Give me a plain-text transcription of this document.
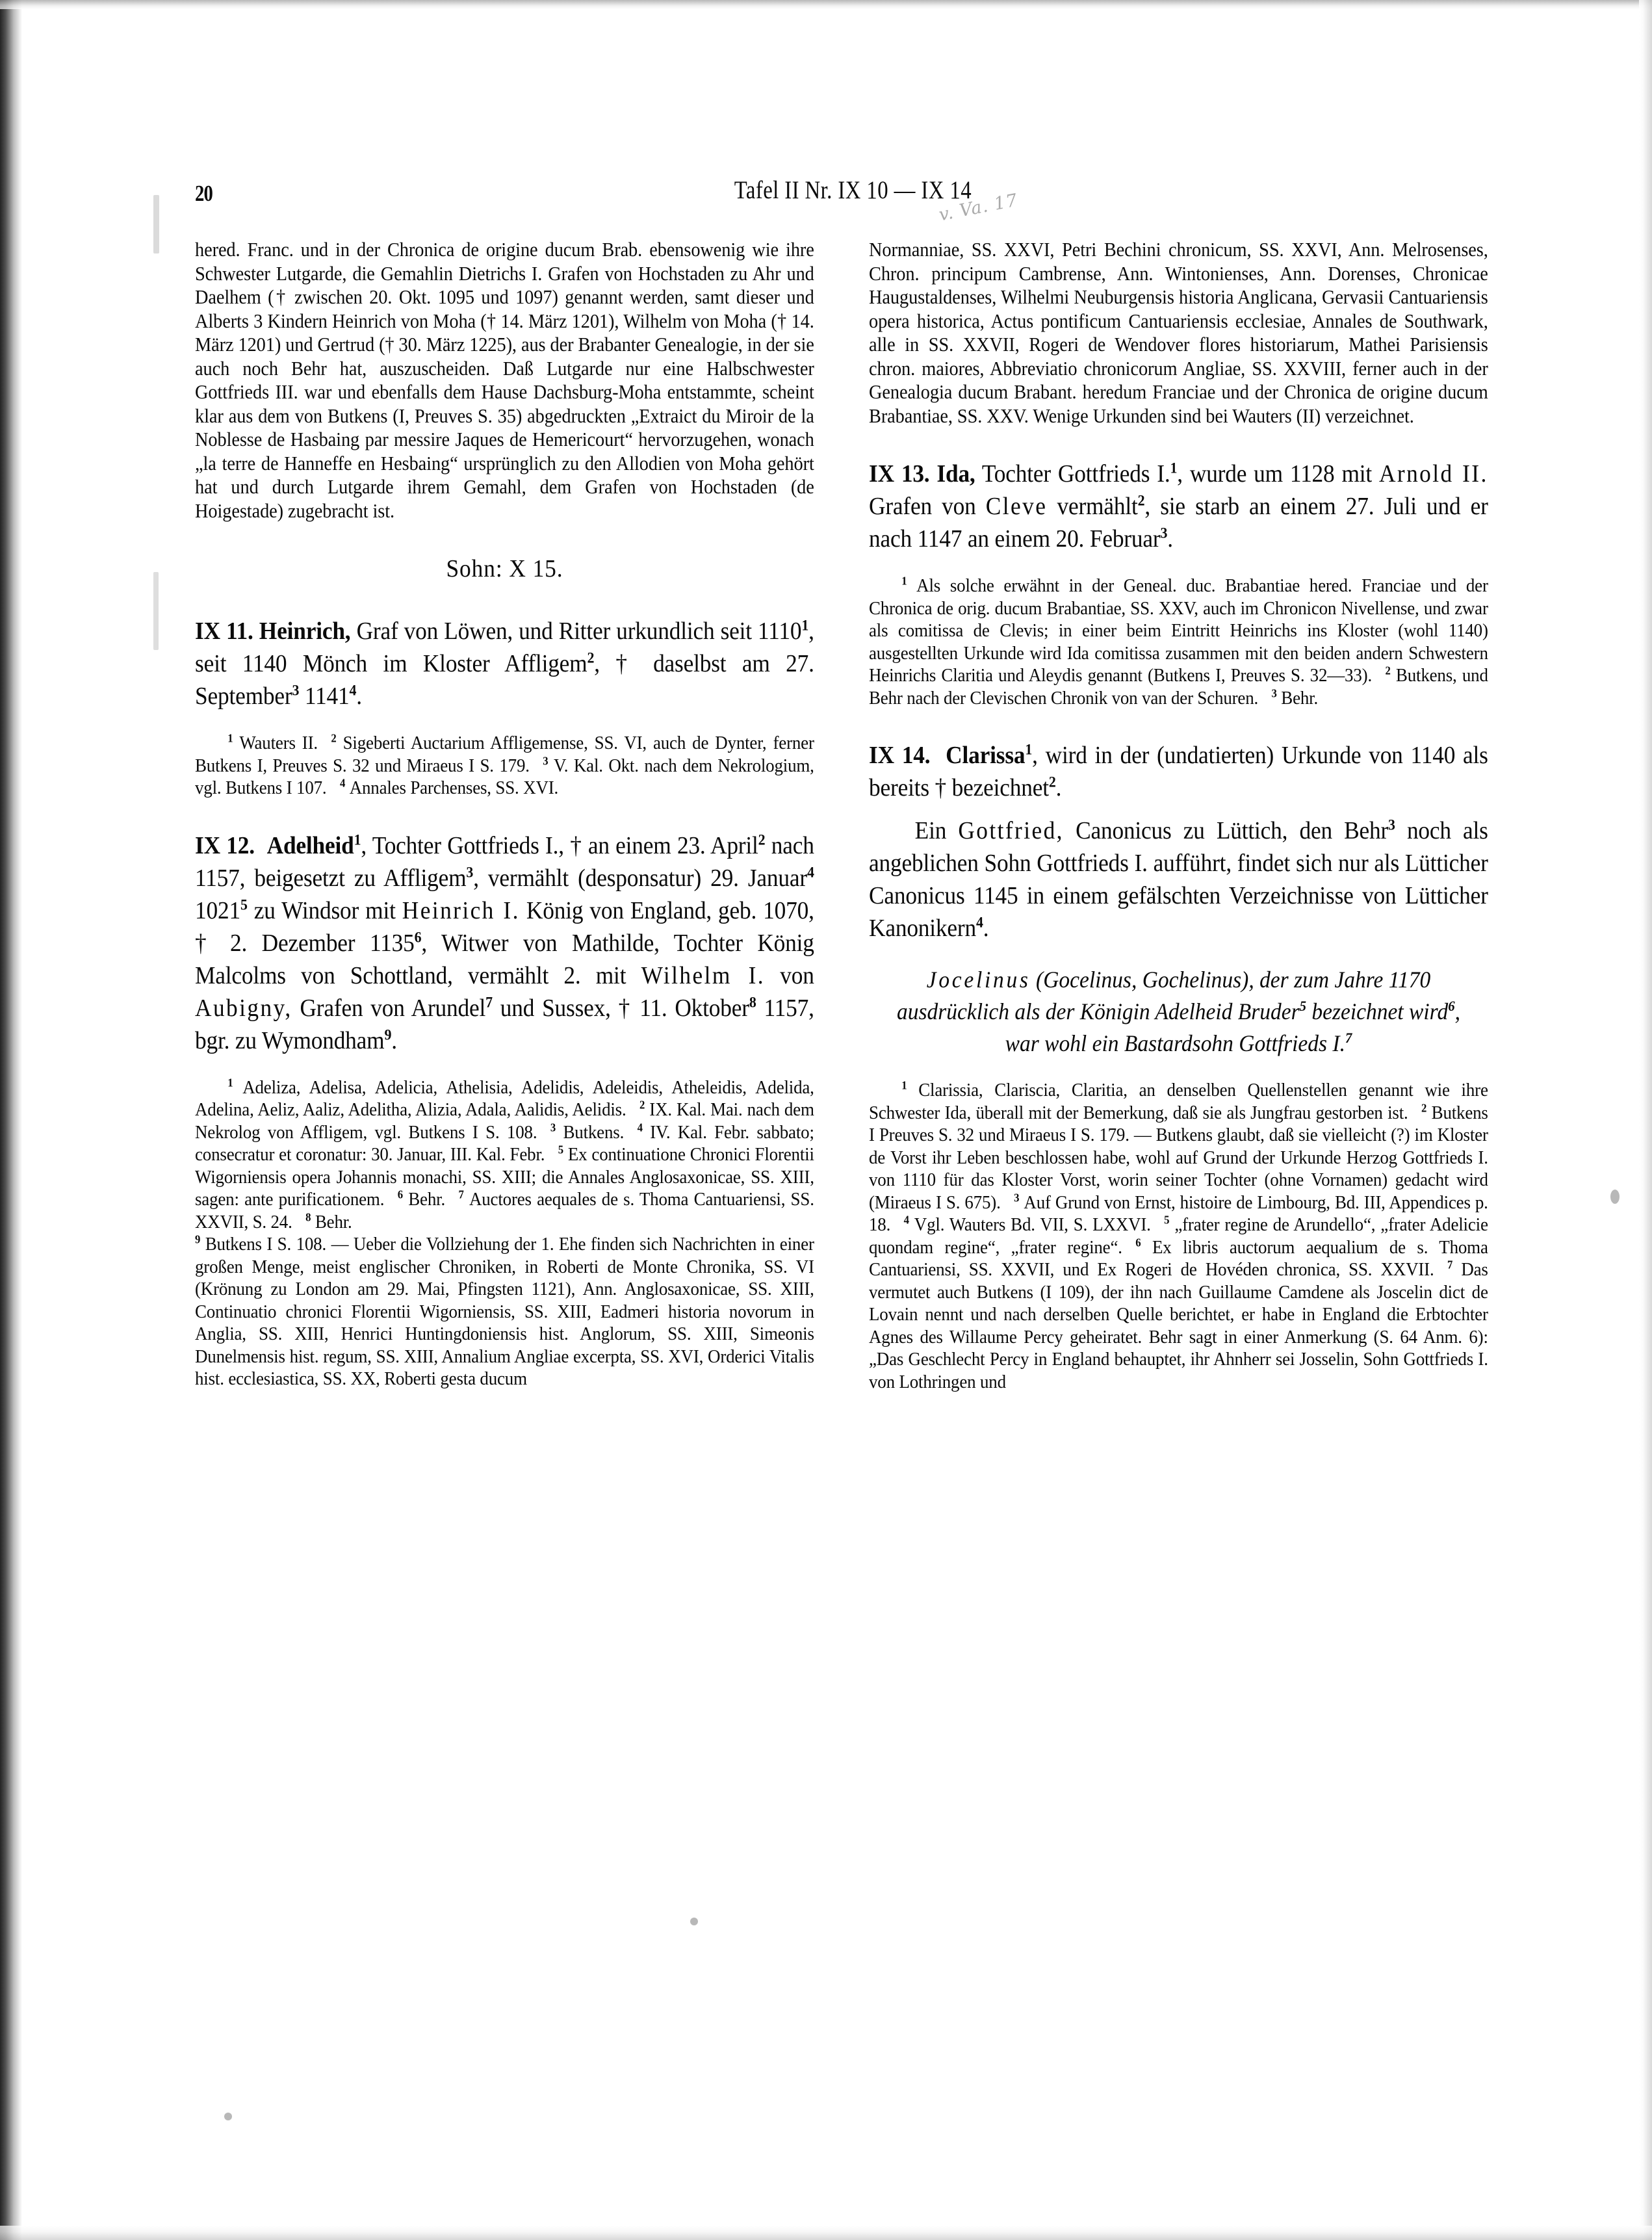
20	Tafel II Nr. IX 10 — IX 14
v. Va. 17

hered. Franc. und in der Chronica de origine ducum Brab. ebensowenig wie ihre Schwester Lutgarde, die Gemahlin Dietrichs I. Grafen von Hochstaden zu Ahr und Daelhem († zwischen 20. Okt. 1095 und 1097) genannt werden, samt dieser und Alberts 3 Kindern Heinrich von Moha († 14. März 1201), Wilhelm von Moha († 14. März 1201) und Gertrud († 30. März 1225), aus der Brabanter Genealogie, in der sie auch noch Behr hat, auszuscheiden. Daß Lutgarde nur eine Halbschwester Gottfrieds III. war und ebenfalls dem Hause Dachsburg-Moha entstammte, scheint klar aus dem von Butkens (I, Preuves S. 35) abgedruckten „Extraict du Miroir de la Noblesse de Hasbaing par messire Jaques de Hemericourt“ hervorzugehen, wonach „la terre de Hanneffe en Hesbaing“ ursprünglich zu den Allodien von Moha gehört hat und durch Lutgarde ihrem Gemahl, dem Grafen von Hochstaden (de Hoigestade) zugebracht ist.

Sohn: X 15.

IX 11. Heinrich, Graf von Löwen, und Ritter urkundlich seit 1110$^1$, seit 1140 Mönch im Kloster Affligem$^2$, † daselbst am 27. September$^3$ 1141$^4$.

$^1$ Wauters II. $^2$ Sigeberti Auctarium Affligemense, SS. VI, auch de Dynter, ferner Butkens I, Preuves S. 32 und Miraeus I S. 179. $^3$ V. Kal. Okt. nach dem Nekrologium, vgl. Butkens I 107. $^4$ Annales Parchenses, SS. XVI.

IX 12. Adelheid$^1$, Tochter Gottfrieds I., † an einem 23. April$^2$ nach 1157, beigesetzt zu Affligem$^3$, vermählt (desponsatur) 29. Januar$^4$ 1021$^5$ zu Windsor mit Heinrich I. König von England, geb. 1070, † 2. Dezember 1135$^6$, Witwer von Mathilde, Tochter König Malcolms von Schottland, vermählt 2. mit Wilhelm I. von Aubigny, Grafen von Arundel$^7$ und Sussex, † 11. Oktober$^8$ 1157, bgr. zu Wymondham$^9$.

$^1$ Adeliza, Adelisa, Adelicia, Athelisia, Adelidis, Adeleidis, Atheleidis, Adelida, Adelina, Aeliz, Aaliz, Adelitha, Alizia, Adala, Aalidis, Aelidis. $^2$ IX. Kal. Mai. nach dem Nekrolog von Affligem, vgl. Butkens I S. 108. $^3$ Butkens. $^4$ IV. Kal. Febr. sabbato; consecratur et coronatur: 30. Januar, III. Kal. Febr. $^5$ Ex continuatione Chronici Florentii Wigorniensis opera Johannis monachi, SS. XIII; die Annales Anglosaxonicae, SS. XIII, sagen: ante purificationem. $^6$ Behr. $^7$ Auctores aequales de s. Thoma Cantuariensi, SS. XXVII, S. 24. $^8$ Behr.
$^9$ Butkens I S. 108. — Ueber die Vollziehung der 1. Ehe finden sich Nachrichten in einer großen Menge, meist englischer Chroniken, in Roberti de Monte Chronika, SS. VI (Krönung zu London am 29. Mai, Pfingsten 1121), Ann. Anglosaxonicae, SS. XIII, Continuatio chronici Florentii Wigorniensis, SS. XIII, Eadmeri historia novorum in Anglia, SS. XIII, Henrici Huntingdoniensis hist. Anglorum, SS. XIII, Simeonis Dunelmensis hist. regum, SS. XIII, Annalium Angliae excerpta, SS. XVI, Orderici Vitalis hist. ecclesiastica, SS. XX, Roberti gesta ducum

Normanniae, SS. XXVI, Petri Bechini chronicum, SS. XXVI, Ann. Melrosenses, Chron. principum Cambrense, Ann. Wintonienses, Ann. Dorenses, Chronicae Haugustaldenses, Wilhelmi Neuburgensis historia Anglicana, Gervasii Cantuariensis opera historica, Actus pontificum Cantuariensis ecclesiae, Annales de Southwark, alle in SS. XXVII, Rogeri de Wendover flores historiarum, Mathei Parisiensis chron. maiores, Abbreviatio chronicorum Angliae, SS. XXVIII, ferner auch in der Genealogia ducum Brabant. heredum Franciae und der Chronica de origine ducum Brabantiae, SS. XXV. Wenige Urkunden sind bei Wauters (II) verzeichnet.

IX 13. Ida, Tochter Gottfrieds I.$^1$, wurde um 1128 mit Arnold II. Grafen von Cleve vermählt$^2$, sie starb an einem 27. Juli und er nach 1147 an einem 20. Februar$^3$.

$^1$ Als solche erwähnt in der Geneal. duc. Brabantiae hered. Franciae und der Chronica de orig. ducum Brabantiae, SS. XXV, auch im Chronicon Nivellense, und zwar als comitissa de Clevis; in einer beim Eintritt Heinrichs ins Kloster (wohl 1140) ausgestellten Urkunde wird Ida comitissa zusammen mit den beiden andern Schwestern Heinrichs Claritia und Aleydis genannt (Butkens I, Preuves S. 32—33). $^2$ Butkens, und Behr nach der Clevischen Chronik von van der Schuren. $^3$ Behr.

IX 14. Clarissa$^1$, wird in der (undatierten) Urkunde von 1140 als bereits † bezeichnet$^2$.

Ein Gottfried, Canonicus zu Lüttich, den Behr$^3$ noch als angeblichen Sohn Gottfrieds I. aufführt, findet sich nur als Lütticher Canonicus 1145 in einem gefälschten Verzeichnisse von Lütticher Kanonikern$^4$.

Jocelinus (Gocelinus, Gochelinus), der zum Jahre 1170 ausdrücklich als der Königin Adelheid Bruder$^5$ bezeichnet wird$^6$, war wohl ein Bastardsohn Gottfrieds I.$^7$

$^1$ Clarissia, Clariscia, Claritia, an denselben Quellenstellen genannt wie ihre Schwester Ida, überall mit der Bemerkung, daß sie als Jungfrau gestorben ist. $^2$ Butkens I Preuves S. 32 und Miraeus I S. 179. — Butkens glaubt, daß sie vielleicht (?) im Kloster de Vorst ihr Leben beschlossen habe, wohl auf Grund der Urkunde Herzog Gottfrieds I. von 1110 für das Kloster Vorst, worin seiner Tochter (ohne Vornamen) gedacht wird (Miraeus I S. 675). $^3$ Auf Grund von Ernst, histoire de Limbourg, Bd. III, Appendices p. 18. $^4$ Vgl. Wauters Bd. VII, S. LXXVI. $^5$ „frater regine de Arundello“, „frater Adelicie quondam regine“, „frater regine“. $^6$ Ex libris auctorum aequalium de s. Thoma Cantuariensi, SS. XXVII, und Ex Rogeri de Hovéden chronica, SS. XXVII. $^7$ Das vermutet auch Butkens (I 109), der ihn nach Guillaume Camdene als Joscelin dict de Lovain nennt und nach derselben Quelle berichtet, er habe in England die Erbtochter Agnes des Willaume Percy geheiratet. Behr sagt in einer Anmerkung (S. 64 Anm. 6): „Das Geschlecht Percy in England behauptet, ihr Ahnherr sei Josselin, Sohn Gottfrieds I. von Lothringen und
